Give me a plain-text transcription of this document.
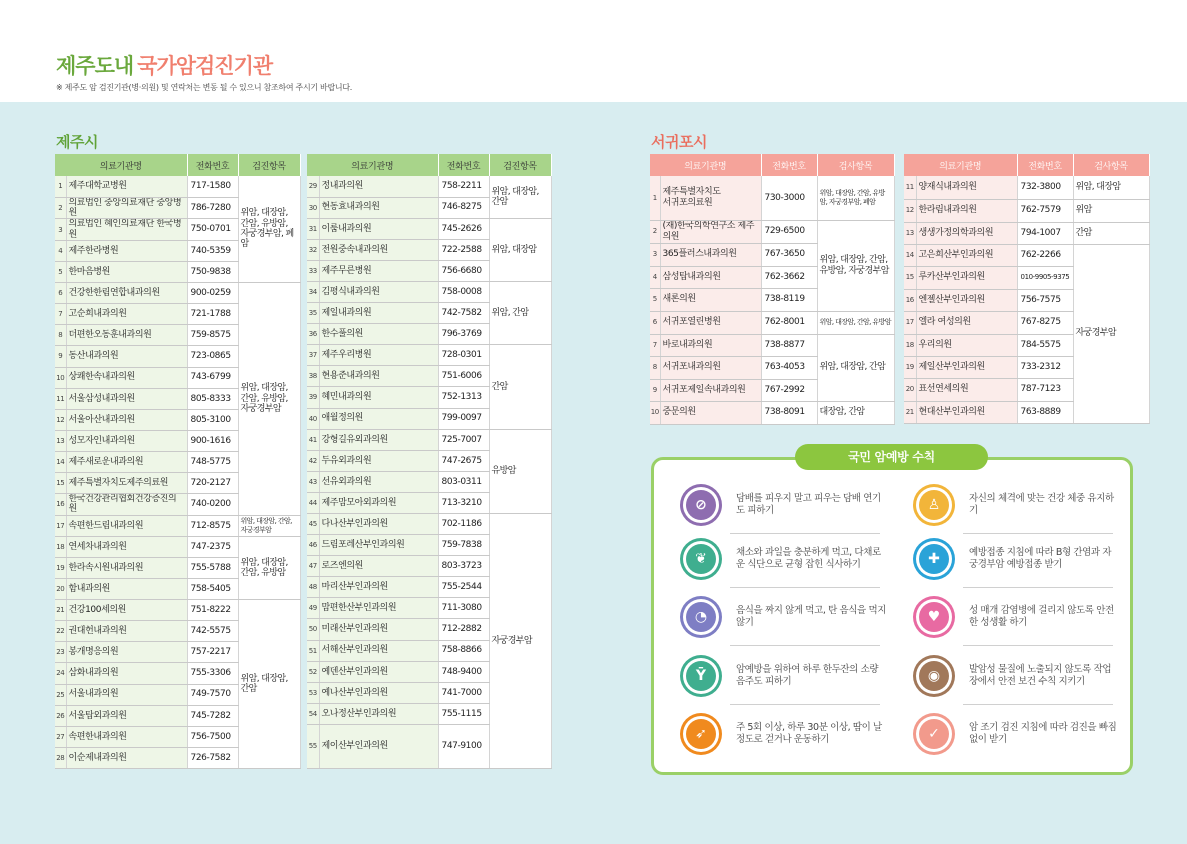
제주도내 국가암검진기관
※ 제주도 암 검진기관(병·의원) 및 연락처는 변동 될 수 있으니 참조하여 주시기 바랍니다.
제주시	서귀포시
의료기관명		전화번호	검진항목
1	제주대학교병원	717-1580	위암, 대장암, 간암, 유방암, 자궁경부암, 폐암
2	의료법인 중앙의료재단 중앙병원	786-7280	
3	의료법인 혜인의료재단 한국병원	750-0701	
4	제주한라병원	740-5359	
5	한마음병원	750-9838	
6	건강한한림연합내과의원	900-0259	위암, 대장암, 간암, 유방암, 자궁경부암
7	고순희내과의원	721-1788	
8	더편한오동훈내과의원	759-8575	
9	동산내과의원	723-0865	
10	상쾌한속내과의원	743-6799	
11	서울삼성내과의원	805-8333	
12	서울아산내과의원	805-3100	
13	성모자인내과의원	900-1616	
14	제주새로운내과의원	748-5775	
15	제주특별자치도제주의료원	720-2127	
16	한국건강관리협회건강증진의원	740-0200	
17	속편한드림내과의원	712-8575	위암, 대장암, 간암, 자궁경부암
18	연세차내과의원	747-2375	위암, 대장암, 간암, 유방암
19	한라속시원내과의원	755-5788	
20	함내과의원	758-5405	
21	건강100세의원	751-8222	위암, 대장암, 간암
22	권대헌내과의원	742-5575	
23	봉개명응의원	757-2217	
24	삼화내과의원	755-3306	
25	서울내과의원	749-7570	
26	서울탑외과의원	745-7282	
27	속편한내과의원	756-7500	
28	이순제내과의원	726-7582	
의료기관명		전화번호	검진항목
29	정내과의원	758-2211	위암, 대장암, 간암
30	현동효내과의원	746-8275	
31	이룸내과의원	745-2626	위암, 대장암
32	전원중속내과의원	722-2588	
33	제주무른병원	756-6680	
34	김평식내과의원	758-0008	위암, 간암
35	제일내과의원	742-7582	
36	한수풀의원	796-3769	
37	제주우리병원	728-0301	간암
38	현용준내과의원	751-6006	
39	혜민내과의원	752-1313	
40	애월정의원	799-0097	
41	강형길유외과의원	725-7007	유방암
42	두유외과의원	747-2675	
43	선유외과의원	803-0311	
44	제주맘모아외과의원	713-3210	
45	다나산부인과의원	702-1186	자궁경부암
46	드림포레산부인과의원	759-7838	
47	로즈엔의원	803-3723	
48	마리산부인과의원	755-2544	
49	맘편한산부인과의원	711-3080	
50	미래산부인과의원	712-2882	
51	서해산부인과의원	758-8866	
52	예덴산부인과의원	748-9400	
53	예나산부인과의원	741-7000	
54	오나정산부인과의원	755-1115	
55	제이산부인과의원	747-9100	
의료기관명		전화번호	검사항목
1	제주특별자치도
서귀포의료원	730-3000	위암, 대장암, 간암, 유방암, 자궁경부암, 폐암
2	(재)한국의학연구소 제주의원	729-6500	위암, 대장암, 간암, 유방암, 자궁경부암
3	365플러스내과의원	767-3650	
4	삼성탑내과의원	762-3662	
5	새론의원	738-8119	
6	서귀포열린병원	762-8001	위암, 대장암, 간암, 유방암
7	바로내과의원	738-8877	위암, 대장암, 간암
8	서귀포내과의원	763-4053	
9	서귀포제일속내과의원	767-2992	
10	중문의원	738-8091	대장암, 간암
의료기관명		전화번호	검사항목
11	양재식내과의원	732-3800	위암, 대장암
12	한라림내과의원	762-7579	위암
13	생생가정의학과의원	794-1007	간암
14	고은희산부인과의원	762-2266	자궁경부암
15	루카산부인과의원	010-9905-9375	
16	엔젤산부인과의원	756-7575	
17	엘라 여성의원	767-8275	
18	우리의원	784-5575	
19	제일산부인과의원	733-2312	
20	표선연세의원	787-7123	
21	현대산부인과의원	763-8889	
국민 암예방 수칙
⊘	담배를 피우지 말고 피우는 담배 연기도 피하기	♙	자신의 체격에 맞는 건강 체중 유지하기
❦	채소와 과일을 충분하게 먹고, 다채로운 식단으로 균형 잡힌 식사하기	✚	예방접종 지침에 따라 B형 간염과 자궁경부암 예방접종 받기
◔	음식을 짜지 않게 먹고, 탄 음식을 먹지 않기	♥	성 매개 감염병에 걸리지 않도록 안전한 성생활 하기
Ȳ	암예방을 위하여 하루 한두잔의 소량 음주도 피하기	◉	발암성 물질에 노출되지 않도록 작업장에서 안전 보건 수칙 지키기
➶	주 5회 이상, 하루 30분 이상, 땀이 날 정도로 걷거나 운동하기	✓	암 조기 검진 지침에 따라 검진을 빠짐없이 받기
